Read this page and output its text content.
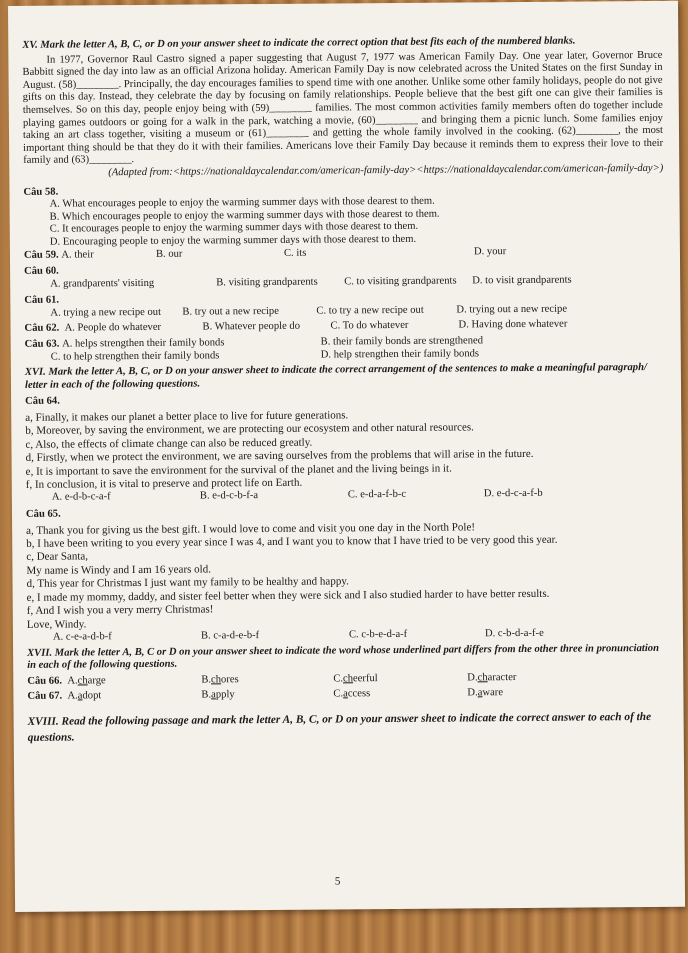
XV. Mark the letter A, B, C, or D on your answer sheet to indicate the correct option that best fits each of the numbered blanks.
In 1977, Governor Raul Castro signed a paper suggesting that August 7, 1977 was American Family Day. One year later, Governor Bruce Babbitt signed the day into law as an official Arizona holiday. American Family Day is now celebrated across the United States on the first Sunday in August. (58)________. Principally, the day encourages families to spend time with one another. Unlike some other family holidays, people do not give gifts on this day. Instead, they celebrate the day by focusing on family relationships. People believe that the best gift one can give their families is themselves. So on this day, people enjoy being with (59)________ families. The most common activities family members often do together include playing games outdoors or going for a walk in the park, watching a movie, (60)________ and bringing them a picnic lunch. Some families enjoy taking an art class together, visiting a museum or (61)________ and getting the whole family involved in the cooking. (62)________, the most important thing should be that they do it with their families. Americans love their Family Day because it reminds them to express their love to their family and (63)________.
(Adapted from:<https://nationaldaycalendar.com/american-family-day><https://nationaldaycalendar.com/american-family-day>)
Câu 58.
A. What encourages people to enjoy the warming summer days with those dearest to them.
B. Which encourages people to enjoy the warming summer days with those dearest to them.
C. It encourages people to enjoy the warming summer days with those dearest to them.
D. Encouraging people to enjoy the warming summer days with those dearest to them.
Câu 59. A. their	B. our	C. its	D. your
Câu 60.
A. grandparents' visiting	B. visiting grandparents	C. to visiting grandparents	D. to visit grandparents
Câu 61.
A. trying a new recipe out	B. try out a new recipe	C. to try a new recipe out	D. trying out a new recipe
Câu 62. A. People do whatever	B. Whatever people do	C. To do whatever	D. Having done whatever
Câu 63. A. helps strengthen their family bonds	B. their family bonds are strengthened
C. to help strengthen their family bonds	D. help strengthen their family bonds
XVI. Mark the letter A, B, C, or D on your answer sheet to indicate the correct arrangement of the sentences to make a meaningful paragraph/ letter in each of the following questions.
Câu 64.
a, Finally, it makes our planet a better place to live for future generations.
b, Moreover, by saving the environment, we are protecting our ecosystem and other natural resources.
c, Also, the effects of climate change can also be reduced greatly.
d, Firstly, when we protect the environment, we are saving ourselves from the problems that will arise in the future.
e, It is important to save the environment for the survival of the planet and the living beings in it.
f, In conclusion, it is vital to preserve and protect life on Earth.
A. e-d-b-c-a-f	B. e-d-c-b-f-a	C. e-d-a-f-b-c	D. e-d-c-a-f-b
Câu 65.
a, Thank you for giving us the best gift. I would love to come and visit you one day in the North Pole!
b, I have been writing to you every year since I was 4, and I want you to know that I have tried to be very good this year.
c, Dear Santa,
My name is Windy and I am 16 years old.
d, This year for Christmas I just want my family to be healthy and happy.
e, I made my mommy, daddy, and sister feel better when they were sick and I also studied harder to have better results.
f, And I wish you a very merry Christmas!
Love, Windy.
A. c-e-a-d-b-f	B. c-a-d-e-b-f	C. c-b-e-d-a-f	D. c-b-d-a-f-e
XVII. Mark the letter A, B, C or D on your answer sheet to indicate the word whose underlined part differs from the other three in pronunciation in each of the following questions.
Câu 66. A.charge	B.chores	C.cheerful	D.character
Câu 67. A.adopt	B.apply	C.access	D.aware
XVIII. Read the following passage and mark the letter A, B, C, or D on your answer sheet to indicate the correct answer to each of the questions.
5
